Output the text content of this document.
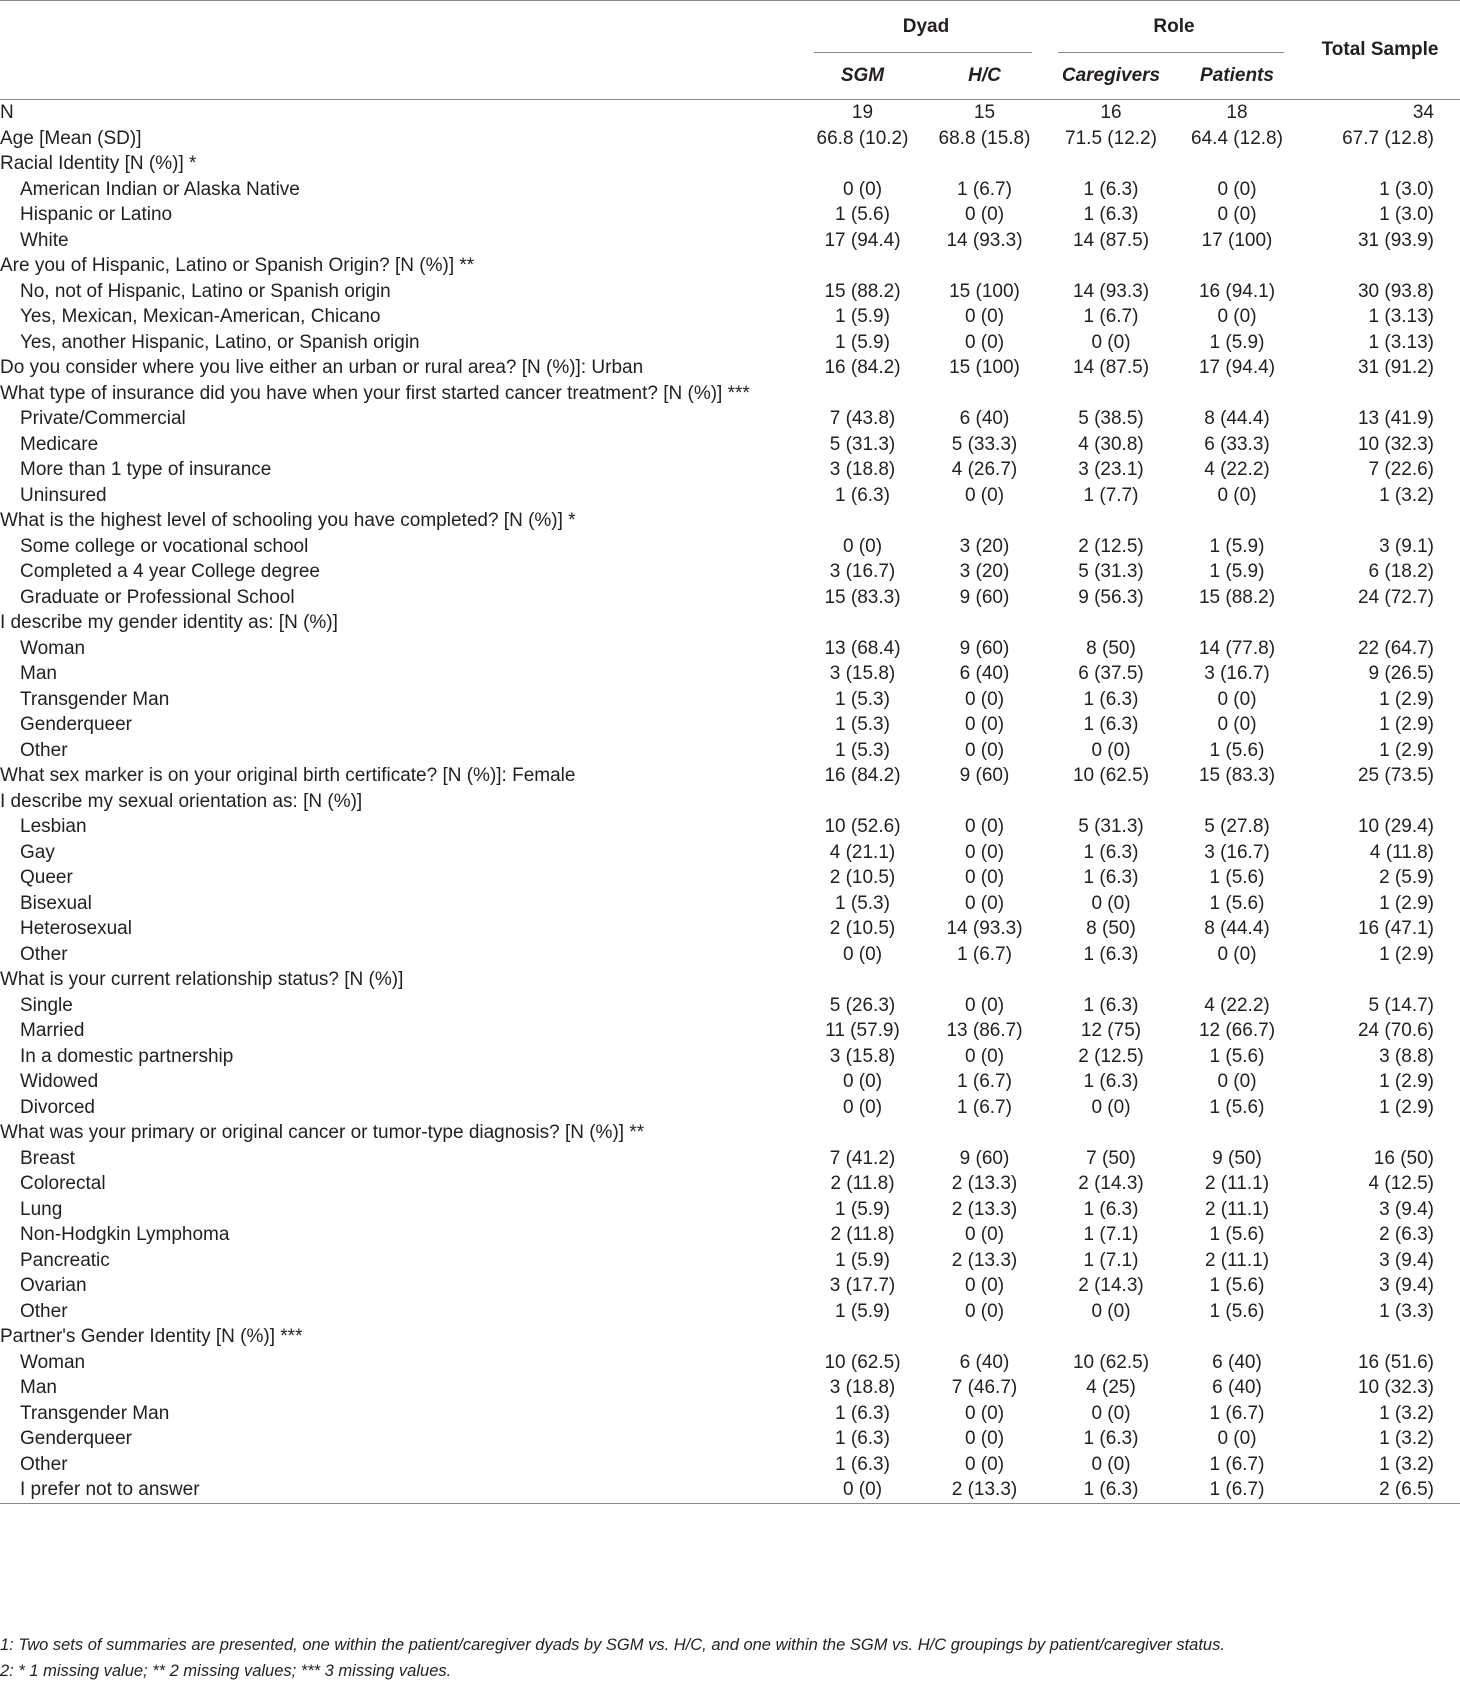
	Dyad		Role		Total Sample
	SGM	H/C	Caregivers	Patients	
N	19	15	16	18	34
Age [Mean (SD)]	66.8 (10.2)	68.8 (15.8)	71.5 (12.2)	64.4 (12.8)	67.7 (12.8)
Racial Identity [N (%)] *					
American Indian or Alaska Native	0 (0)	1 (6.7)	1 (6.3)	0 (0)	1 (3.0)
Hispanic or Latino	1 (5.6)	0 (0)	1 (6.3)	0 (0)	1 (3.0)
White	17 (94.4)	14 (93.3)	14 (87.5)	17 (100)	31 (93.9)
Are you of Hispanic, Latino or Spanish Origin? [N (%)] **					
No, not of Hispanic, Latino or Spanish origin	15 (88.2)	15 (100)	14 (93.3)	16 (94.1)	30 (93.8)
Yes, Mexican, Mexican-American, Chicano	1 (5.9)	0 (0)	1 (6.7)	0 (0)	1 (3.13)
Yes, another Hispanic, Latino, or Spanish origin	1 (5.9)	0 (0)	0 (0)	1 (5.9)	1 (3.13)
Do you consider where you live either an urban or rural area? [N (%)]: Urban	16 (84.2)	15 (100)	14 (87.5)	17 (94.4)	31 (91.2)
What type of insurance did you have when your first started cancer treatment? [N (%)] ***					
Private/Commercial	7 (43.8)	6 (40)	5 (38.5)	8 (44.4)	13 (41.9)
Medicare	5 (31.3)	5 (33.3)	4 (30.8)	6 (33.3)	10 (32.3)
More than 1 type of insurance	3 (18.8)	4 (26.7)	3 (23.1)	4 (22.2)	7 (22.6)
Uninsured	1 (6.3)	0 (0)	1 (7.7)	0 (0)	1 (3.2)
What is the highest level of schooling you have completed? [N (%)] *					
Some college or vocational school	0 (0)	3 (20)	2 (12.5)	1 (5.9)	3 (9.1)
Completed a 4 year College degree	3 (16.7)	3 (20)	5 (31.3)	1 (5.9)	6 (18.2)
Graduate or Professional School	15 (83.3)	9 (60)	9 (56.3)	15 (88.2)	24 (72.7)
I describe my gender identity as: [N (%)]					
Woman	13 (68.4)	9 (60)	8 (50)	14 (77.8)	22 (64.7)
Man	3 (15.8)	6 (40)	6 (37.5)	3 (16.7)	9 (26.5)
Transgender Man	1 (5.3)	0 (0)	1 (6.3)	0 (0)	1 (2.9)
Genderqueer	1 (5.3)	0 (0)	1 (6.3)	0 (0)	1 (2.9)
Other	1 (5.3)	0 (0)	0 (0)	1 (5.6)	1 (2.9)
What sex marker is on your original birth certificate? [N (%)]: Female	16 (84.2)	9 (60)	10 (62.5)	15 (83.3)	25 (73.5)
I describe my sexual orientation as: [N (%)]					
Lesbian	10 (52.6)	0 (0)	5 (31.3)	5 (27.8)	10 (29.4)
Gay	4 (21.1)	0 (0)	1 (6.3)	3 (16.7)	4 (11.8)
Queer	2 (10.5)	0 (0)	1 (6.3)	1 (5.6)	2 (5.9)
Bisexual	1 (5.3)	0 (0)	0 (0)	1 (5.6)	1 (2.9)
Heterosexual	2 (10.5)	14 (93.3)	8 (50)	8 (44.4)	16 (47.1)
Other	0 (0)	1 (6.7)	1 (6.3)	0 (0)	1 (2.9)
What is your current relationship status? [N (%)]					
Single	5 (26.3)	0 (0)	1 (6.3)	4 (22.2)	5 (14.7)
Married	11 (57.9)	13 (86.7)	12 (75)	12 (66.7)	24 (70.6)
In a domestic partnership	3 (15.8)	0 (0)	2 (12.5)	1 (5.6)	3 (8.8)
Widowed	0 (0)	1 (6.7)	1 (6.3)	0 (0)	1 (2.9)
Divorced	0 (0)	1 (6.7)	0 (0)	1 (5.6)	1 (2.9)
What was your primary or original cancer or tumor-type diagnosis? [N (%)] **					
Breast	7 (41.2)	9 (60)	7 (50)	9 (50)	16 (50)
Colorectal	2 (11.8)	2 (13.3)	2 (14.3)	2 (11.1)	4 (12.5)
Lung	1 (5.9)	2 (13.3)	1 (6.3)	2 (11.1)	3 (9.4)
Non-Hodgkin Lymphoma	2 (11.8)	0 (0)	1 (7.1)	1 (5.6)	2 (6.3)
Pancreatic	1 (5.9)	2 (13.3)	1 (7.1)	2 (11.1)	3 (9.4)
Ovarian	3 (17.7)	0 (0)	2 (14.3)	1 (5.6)	3 (9.4)
Other	1 (5.9)	0 (0)	0 (0)	1 (5.6)	1 (3.3)
Partner's Gender Identity [N (%)] ***					
Woman	10 (62.5)	6 (40)	10 (62.5)	6 (40)	16 (51.6)
Man	3 (18.8)	7 (46.7)	4 (25)	6 (40)	10 (32.3)
Transgender Man	1 (6.3)	0 (0)	0 (0)	1 (6.7)	1 (3.2)
Genderqueer	1 (6.3)	0 (0)	1 (6.3)	0 (0)	1 (3.2)
Other	1 (6.3)	0 (0)	0 (0)	1 (6.7)	1 (3.2)
I prefer not to answer	0 (0)	2 (13.3)	1 (6.3)	1 (6.7)	2 (6.5)
1: Two sets of summaries are presented, one within the patient/caregiver dyads by SGM vs. H/C, and one within the SGM vs. H/C groupings by patient/caregiver status.
2: * 1 missing value; ** 2 missing values; *** 3 missing values.
